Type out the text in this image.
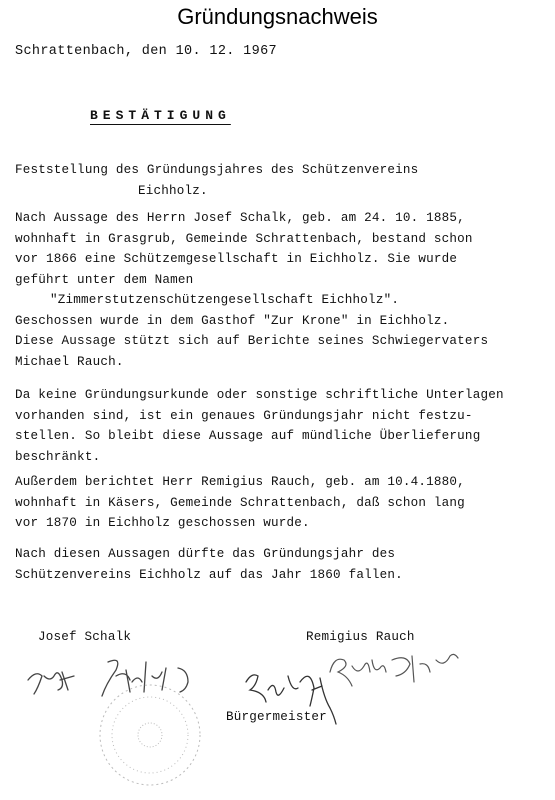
Gründungsnachweis
Schrattenbach, den 10. 12. 1967
BESTÄTIGUNG
Feststellung des Gründungsjahres des Schützenvereins
Eichholz.
Nach Aussage des Herrn Josef Schalk, geb. am 24. 10. 1885,
wohnhaft in Grasgrub, Gemeinde Schrattenbach, bestand schon
vor 1866 eine Schützemgesellschaft in Eichholz. Sie wurde
geführt unter dem Namen
"Zimmerstutzenschützengesellschaft Eichholz".
Geschossen wurde in dem Gasthof "Zur Krone" in Eichholz.
Diese Aussage stützt sich auf Berichte seines Schwiegervaters
Michael Rauch.
Da keine Gründungsurkunde oder sonstige schriftliche Unterlagen
vorhanden sind, ist ein genaues Gründungsjahr nicht festzu-
stellen. So bleibt diese Aussage auf mündliche Überlieferung
beschränkt.
Außerdem berichtet Herr Remigius Rauch, geb. am 10.4.1880,
wohnhaft in Käsers, Gemeinde Schrattenbach, daß schon lang
vor 1870 in Eichholz geschossen wurde.
Nach diesen Aussagen dürfte das Gründungsjahr des
Schützenvereins Eichholz auf das Jahr 1860 fallen.
Josef Schalk	Remigius Rauch
Bürgermeister
